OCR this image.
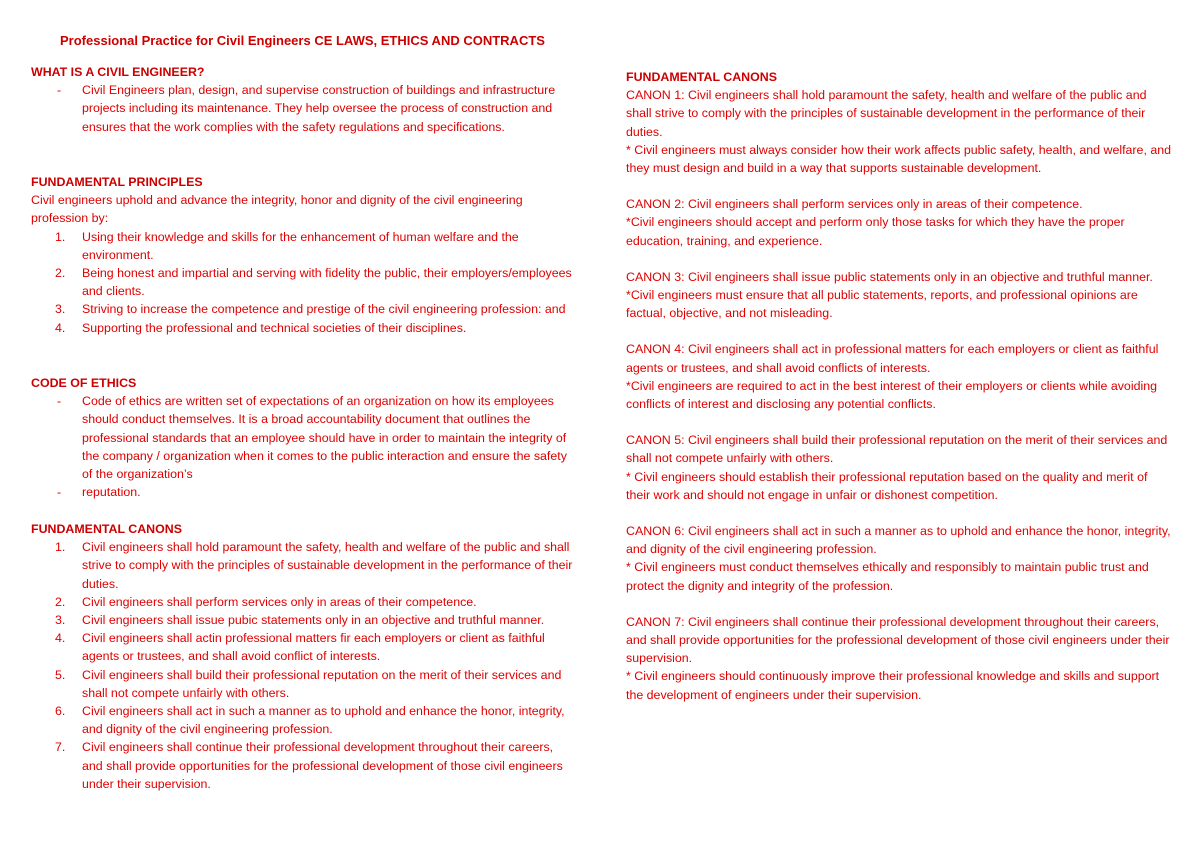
Professional Practice for Civil Engineers CE LAWS, ETHICS AND CONTRACTS

WHAT IS A CIVIL ENGINEER?

- Civil Engineers plan, design, and supervise construction of buildings and infrastructure projects including its maintenance. They help oversee the process of construction and ensures that the work complies with the safety regulations and specifications.

FUNDAMENTAL PRINCIPLES

Civil engineers uphold and advance the integrity, honor and dignity of the civil engineering profession by:

1. Using their knowledge and skills for the enhancement of human welfare and the environment.
2. Being honest and impartial and serving with fidelity the public, their employers/employees and clients.
3. Striving to increase the competence and prestige of the civil engineering profession: and
4. Supporting the professional and technical societies of their disciplines.

CODE OF ETHICS

- Code of ethics are written set of expectations of an organization on how its employees should conduct themselves. It is a broad accountability document that outlines the professional standards that an employee should have in order to maintain the integrity of the company / organization when it comes to the public interaction and ensure the safety of the organization’s
- reputation.

FUNDAMENTAL CANONS

1. Civil engineers shall hold paramount the safety, health and welfare of the public and shall strive to comply with the principles of sustainable development in the performance of their duties.
2. Civil engineers shall perform services only in areas of their competence.
3. Civil engineers shall issue pubic statements only in an objective and truthful manner.
4. Civil engineers shall actin professional matters fir each employers or client as faithful agents or trustees, and shall avoid conflict of interests.
5. Civil engineers shall build their professional reputation on the merit of their services and shall not compete unfairly with others.
6. Civil engineers shall act in such a manner as to uphold and enhance the honor, integrity, and dignity of the civil engineering profession.
7. Civil engineers shall continue their professional development throughout their careers, and shall provide opportunities for the professional development of those civil engineers under their supervision.

FUNDAMENTAL CANONS

CANON 1: Civil engineers shall hold paramount the safety, health and welfare of the public and shall strive to comply with the principles of sustainable development in the performance of their duties.

* Civil engineers must always consider how their work affects public safety, health, and welfare, and they must design and build in a way that supports sustainable development.

CANON 2: Civil engineers shall perform services only in areas of their competence.

*Civil engineers should accept and perform only those tasks for which they have the proper education, training, and experience.

CANON 3: Civil engineers shall issue public statements only in an objective and truthful manner.

*Civil engineers must ensure that all public statements, reports, and professional opinions are factual, objective, and not misleading.

CANON 4: Civil engineers shall act in professional matters for each employers or client as faithful agents or trustees, and shall avoid conflicts of interests.

*Civil engineers are required to act in the best interest of their employers or clients while avoiding conflicts of interest and disclosing any potential conflicts.

CANON 5: Civil engineers shall build their professional reputation on the merit of their services and shall not compete unfairly with others.

* Civil engineers should establish their professional reputation based on the quality and merit of their work and should not engage in unfair or dishonest competition.

CANON 6: Civil engineers shall act in such a manner as to uphold and enhance the honor, integrity, and dignity of the civil engineering profession.

* Civil engineers must conduct themselves ethically and responsibly to maintain public trust and protect the dignity and integrity of the profession.

CANON 7: Civil engineers shall continue their professional development throughout their careers, and shall provide opportunities for the professional development of those civil engineers under their supervision.

* Civil engineers should continuously improve their professional knowledge and skills and support the development of engineers under their supervision.
